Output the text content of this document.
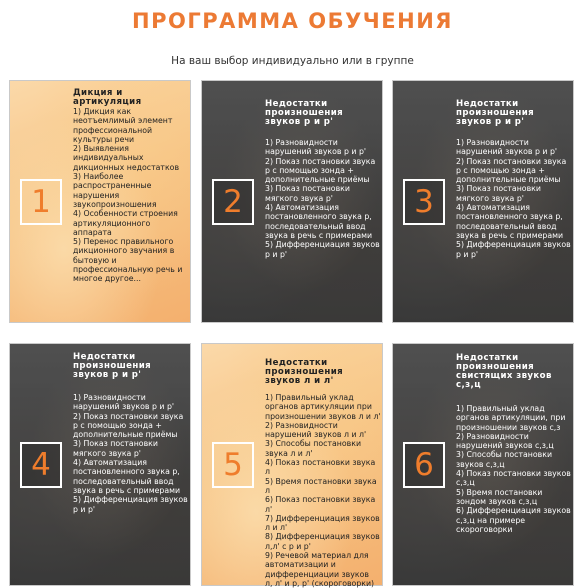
ПРОГРАММА ОБУЧЕНИЯ
На ваш выбор индивидуально или в группе
1
Дикция и артикуляция
1) Дикция как неотъемлимый элемент профессиональной культуры речи
2) Выявления индивидуальных дикционных недостатков
3) Наиболее распространенные нарушения звукопроизношения
4) Особенности строения артикуляционного аппарата
5) Перенос правильного дикционного звучания в бытовую и профессиональную речь и многое другое...
2
Недостатки произношения звуков р и р'
1) Разновидности нарушений звуков р и р'
2) Показ постановки звука р с помощью зонда + дополнительные приёмы
3) Показ постановки мягкого звука р'
4) Автоматизация постановленного звука р, последовательный ввод звука в речь с примерами
5) Дифференциация звуков р и р'
3
Недостатки произношения звуков р и р'
1) Разновидности нарушений звуков р и р'
2) Показ постановки звука р с помощью зонда + дополнительные приёмы
3) Показ постановки мягкого звука р'
4) Автоматизация постановленного звука р, последовательный ввод звука в речь с примерами
5) Дифференциация звуков р и р'
4
Недостатки произношения звуков р и р'
1) Разновидности нарушений звуков р и р'
2) Показ постановки звука р с помощью зонда + дополнительные приёмы
3) Показ постановки мягкого звука р'
4) Автоматизация постановленного звука р, последовательный ввод звука в речь с примерами
5) Дифференциация звуков р и р'
5
Недостатки произношения звуков л и л'
1) Правильный уклад органов артикуляции при произношении звуков л и л'
2) Разновидности нарушений звуков л и л'
3) Способы постановки звука л и л'
4) Показ постановки звука л
5) Время постановки звука л
6) Показ постановки звука л'
7) Дифференциация звуков л и л'
8) Дифференциация звуков л,л' с р и р'
9) Речевой материал для автоматизации и дифференциации звуков
л, л' и р, р' (скороговорки)
6
Недостатки произношения свистящих звуков с,з,ц
1) Правильный уклад органов артикуляции, при произношении звуков с,з
2) Разновидности нарушений звуков с,з,ц
3) Способы постановки звуков с,з,ц
4) Показ постановки звуков с,з,ц
5) Время постановки зондом звуков с,з,ц
6) Дифференциация звуков с,з,ц на примере скороговорки
